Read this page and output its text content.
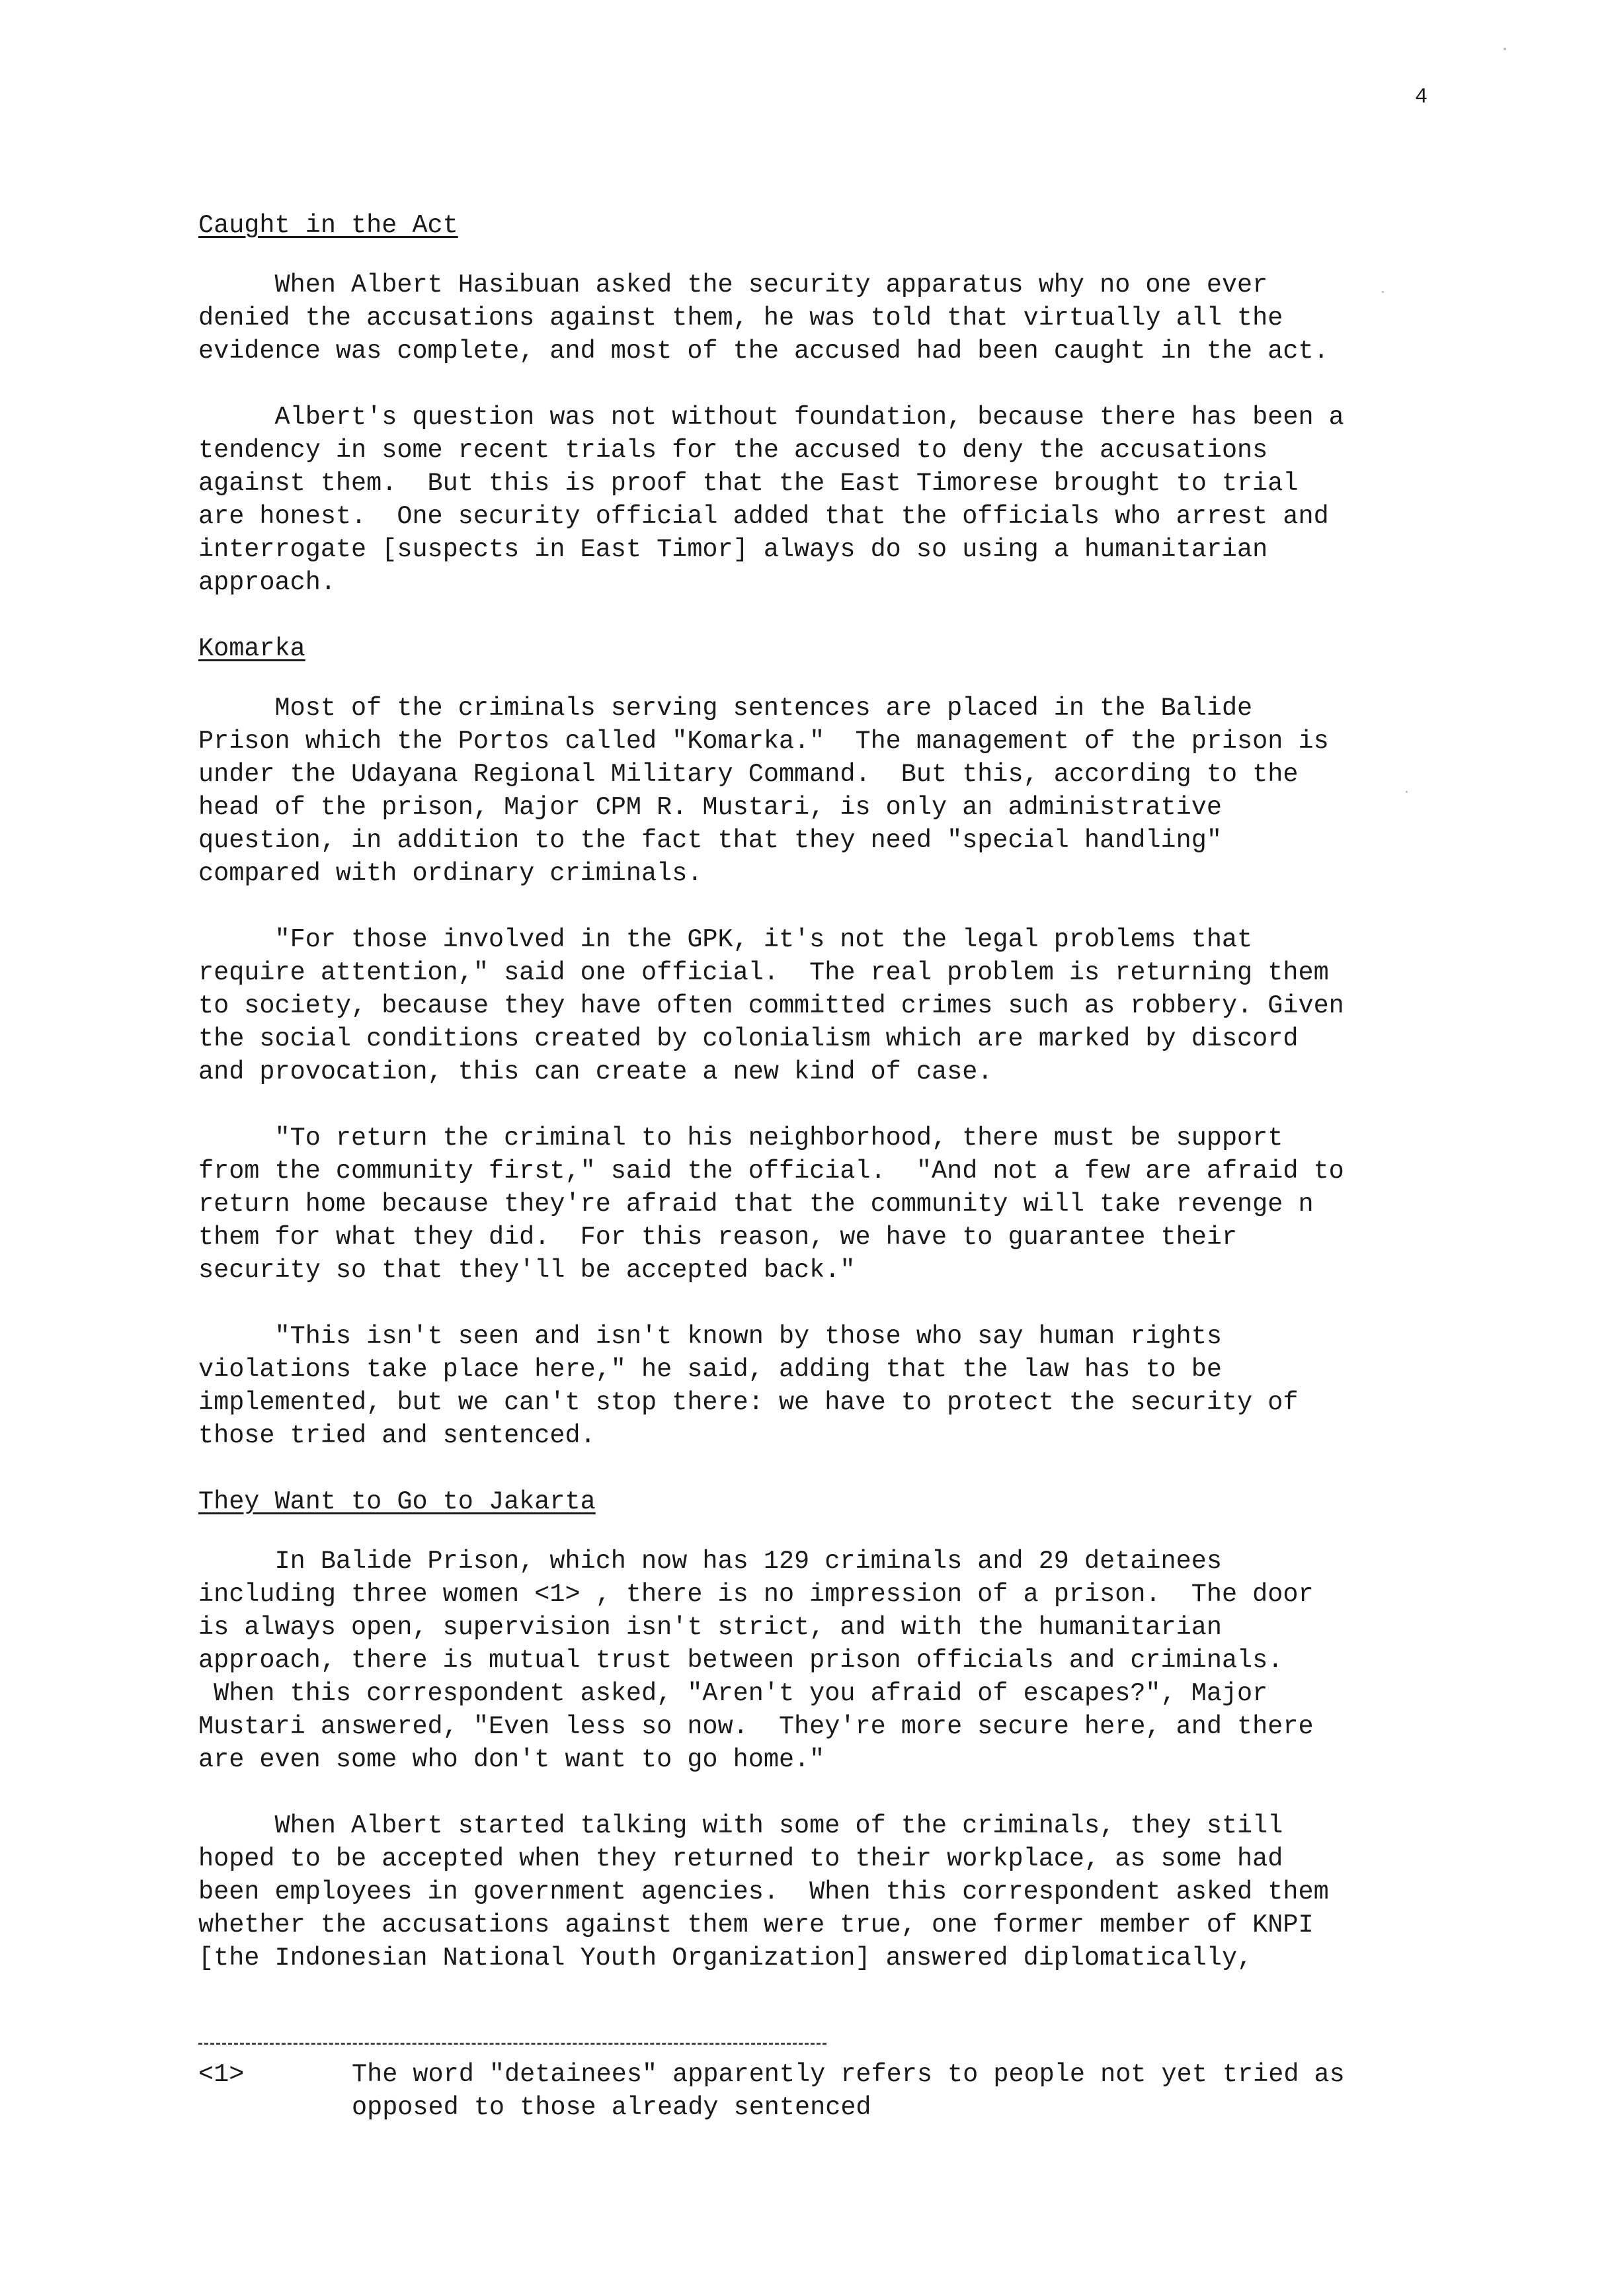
4
Caught in the Act
When Albert Hasibuan asked the security apparatus why no one ever
denied the accusations against them, he was told that virtually all the
evidence was complete, and most of the accused had been caught in the act.
Albert's question was not without foundation, because there has been a
tendency in some recent trials for the accused to deny the accusations
against them.  But this is proof that the East Timorese brought to trial
are honest.  One security official added that the officials who arrest and
interrogate [suspects in East Timor] always do so using a humanitarian
approach.
Komarka
Most of the criminals serving sentences are placed in the Balide
Prison which the Portos called "Komarka."  The management of the prison is
under the Udayana Regional Military Command.  But this, according to the
head of the prison, Major CPM R. Mustari, is only an administrative
question, in addition to the fact that they need "special handling"
compared with ordinary criminals.
"For those involved in the GPK, it's not the legal problems that
require attention," said one official.  The real problem is returning them
to society, because they have often committed crimes such as robbery. Given
the social conditions created by colonialism which are marked by discord
and provocation, this can create a new kind of case.
"To return the criminal to his neighborhood, there must be support
from the community first," said the official.  "And not a few are afraid to
return home because they're afraid that the community will take revenge n
them for what they did.  For this reason, we have to guarantee their
security so that they'll be accepted back."
"This isn't seen and isn't known by those who say human rights
violations take place here," he said, adding that the law has to be
implemented, but we can't stop there: we have to protect the security of
those tried and sentenced.
They Want to Go to Jakarta
In Balide Prison, which now has 129 criminals and 29 detainees
including three women <1> , there is no impression of a prison.  The door
is always open, supervision isn't strict, and with the humanitarian
approach, there is mutual trust between prison officials and criminals.
When this correspondent asked, "Aren't you afraid of escapes?", Major
Mustari answered, "Even less so now.  They're more secure here, and there
are even some who don't want to go home."
When Albert started talking with some of the criminals, they still
hoped to be accepted when they returned to their workplace, as some had
been employees in government agencies.  When this correspondent asked them
whether the accusations against them were true, one former member of KNPI
[the Indonesian National Youth Organization] answered diplomatically,
<1>	The word "detainees" apparently refers to people not yet tried as
opposed to those already sentenced
